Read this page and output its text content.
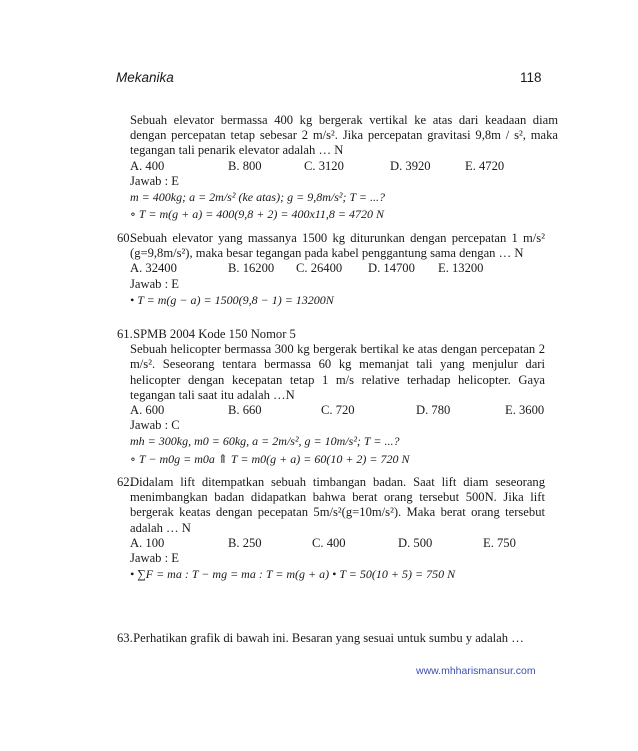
Mekanika	118
Sebuah elevator bermassa 400 kg bergerak vertikal ke atas dari keadaan diam dengan percepatan tetap sebesar 2 m/s². Jika percepatan gravitasi 9,8m / s², maka tegangan tali penarik elevator adalah … N
A. 400	B. 800	C. 3120	D. 3920	E. 4720
Jawab : E
m = 400kg; a = 2m/s² (ke atas); g = 9,8m/s²; T = ...?
∘ T = m(g + a) = 400(9,8 + 2) = 400x11,8 = 4720 N
60.
Sebuah elevator yang massanya 1500 kg diturunkan dengan percepatan 1 m/s² (g=9,8m/s²), maka besar tegangan pada kabel penggantung sama dengan … N
A. 32400	B. 16200	C. 26400	D. 14700	E. 13200
Jawab : E
• T = m(g − a) = 1500(9,8 − 1) = 13200N
61. SPMB 2004 Kode 150 Nomor 5
Sebuah helicopter bermassa 300 kg bergerak bertikal ke atas dengan percepatan 2 m/s². Seseorang tentara bermassa 60 kg memanjat tali yang menjulur dari helicopter dengan kecepatan tetap 1 m/s relative terhadap helicopter. Gaya tegangan tali saat itu adalah …N
A. 600	B. 660	C. 720	D. 780	E. 3600
Jawab : C
mh = 300kg, m0 = 60kg, a = 2m/s², g = 10m/s²; T = ...?
∘ T − m0g = m0a ⇑ T = m0(g + a) = 60(10 + 2) = 720 N
62.
Didalam lift ditempatkan sebuah timbangan badan. Saat lift diam seseorang menimbangkan badan didapatkan bahwa berat orang tersebut 500N. Jika lift bergerak keatas dengan pecepatan 5m/s²(g=10m/s²). Maka berat orang tersebut adalah … N
A. 100	B. 250	C. 400	D. 500	E. 750
Jawab : E
• ∑F = ma : T − mg = ma : T = m(g + a) • T = 50(10 + 5) = 750 N
63. Perhatikan grafik di bawah ini. Besaran yang sesuai untuk sumbu y adalah …
www.mhharismansur.com
